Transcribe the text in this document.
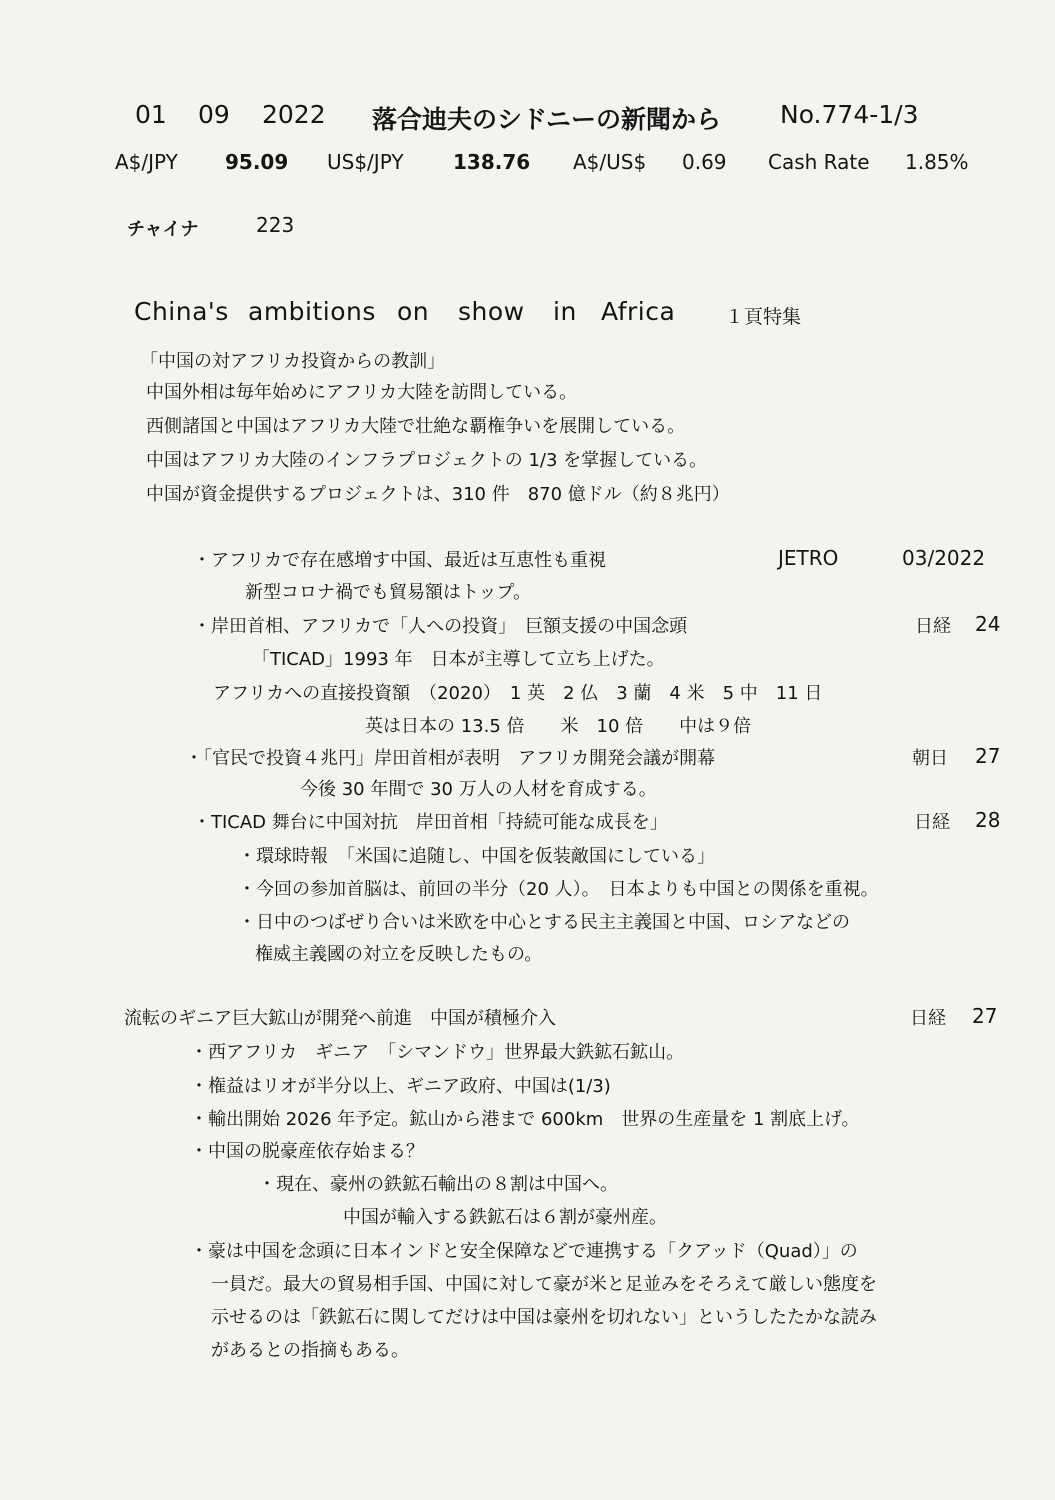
01 09 2022 落合迪夫のシドニーの新聞から No.774-1/3
A$/JPY 95.09 US$/JPY 138.76 A$/US$ 0.69 Cash Rate 1.85%
チャイナ	223
China's ambitions on show in Africa	１頁特集
「中国の対アフリカ投資からの教訓」
中国外相は毎年始めにアフリカ大陸を訪問している。
西側諸国と中国はアフリカ大陸で壮絶な覇権争いを展開している。
中国はアフリカ大陸のインフラプロジェクトの 1/3 を掌握している。
中国が資金提供するプロジェクトは、310 件　870 億ドル（約８兆円）
・アフリカで存在感増す中国、最近は互恵性も重視	JETRO	03/2022
新型コロナ禍でも貿易額はトップ。
・岸田首相、アフリカで「人への投資」　巨額支援の中国念頭	日経 24
「TICAD」1993 年　日本が主導して立ち上げた。
アフリカへの直接投資額　（2020）　1 英　2 仏　3 蘭　4 米　5 中　11 日
英は日本の 13.5 倍　　米　10 倍　　中は９倍
・「官民で投資４兆円」岸田首相が表明　アフリカ開発会議が開幕	朝日 27
今後 30 年間で 30 万人の人材を育成する。
・TICAD 舞台に中国対抗　岸田首相「持続可能な成長を」	日経 28
・環球時報　「米国に追随し、中国を仮装敵国にしている」
・今回の参加首脳は、前回の半分（20 人）。　日本よりも中国との関係を重視。
・日中のつばぜり合いは米欧を中心とする民主主義国と中国、ロシアなどの
権威主義國の対立を反映したもの。
流転のギニア巨大鉱山が開発へ前進　中国が積極介入	日経 27
・西アフリカ　ギニア　「シマンドウ」世界最大鉄鉱石鉱山。
・権益はリオが半分以上、ギニア政府、中国は(1/3)
・輸出開始 2026 年予定。鉱山から港まで 600km　世界の生産量を 1 割底上げ。
・中国の脱豪産依存始まる？
・現在、豪州の鉄鉱石輸出の８割は中国へ。
中国が輸入する鉄鉱石は６割が豪州産。
・豪は中国を念頭に日本インドと安全保障などで連携する「クアッド（Quad）」の
一員だ。最大の貿易相手国、中国に対して豪が米と足並みをそろえて厳しい態度を
示せるのは「鉄鉱石に関してだけは中国は豪州を切れない」というしたたかな読み
があるとの指摘もある。
